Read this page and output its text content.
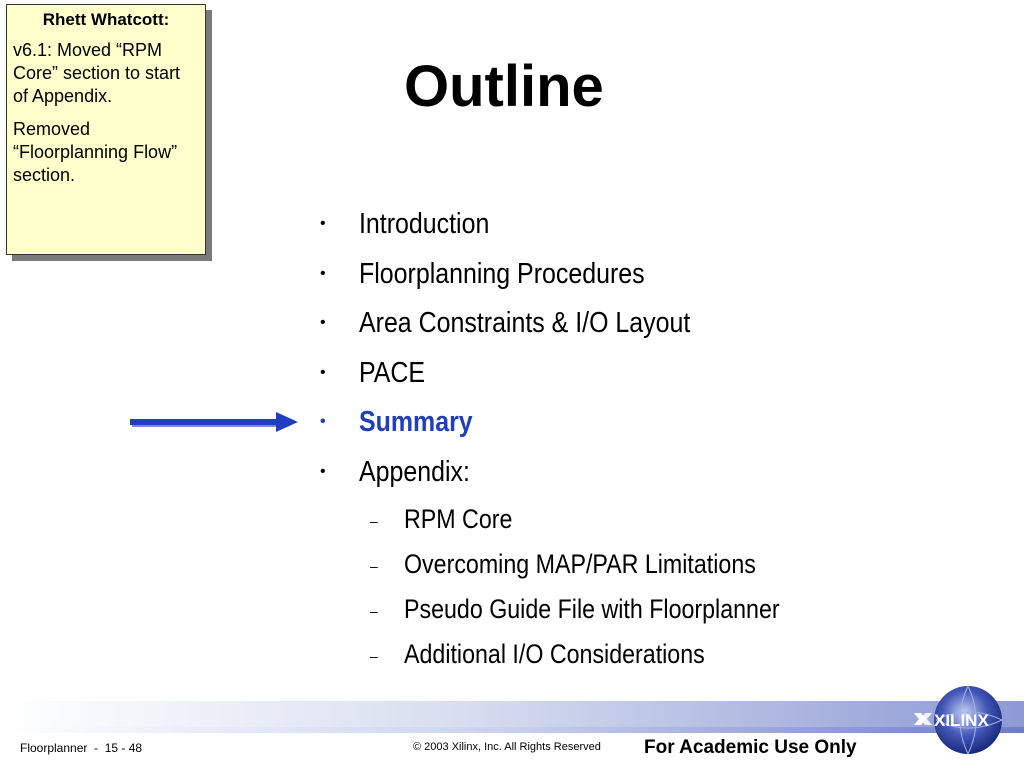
Rhett Whatcott:

v6.1: Moved “RPM Core” section to start of Appendix.

Removed “Floorplanning Flow” section.

Outline
• Introduction
• Floorplanning Procedures
• Area Constraints & I/O Layout
• PACE
• Summary
• Appendix:
– RPM Core
– Overcoming MAP/PAR Limitations
– Pseudo Guide File with Floorplanner
– Additional I/O Considerations
XILINX
Floorplanner  -  15 - 48	© 2003 Xilinx, Inc. All Rights Reserved For Academic Use Only
